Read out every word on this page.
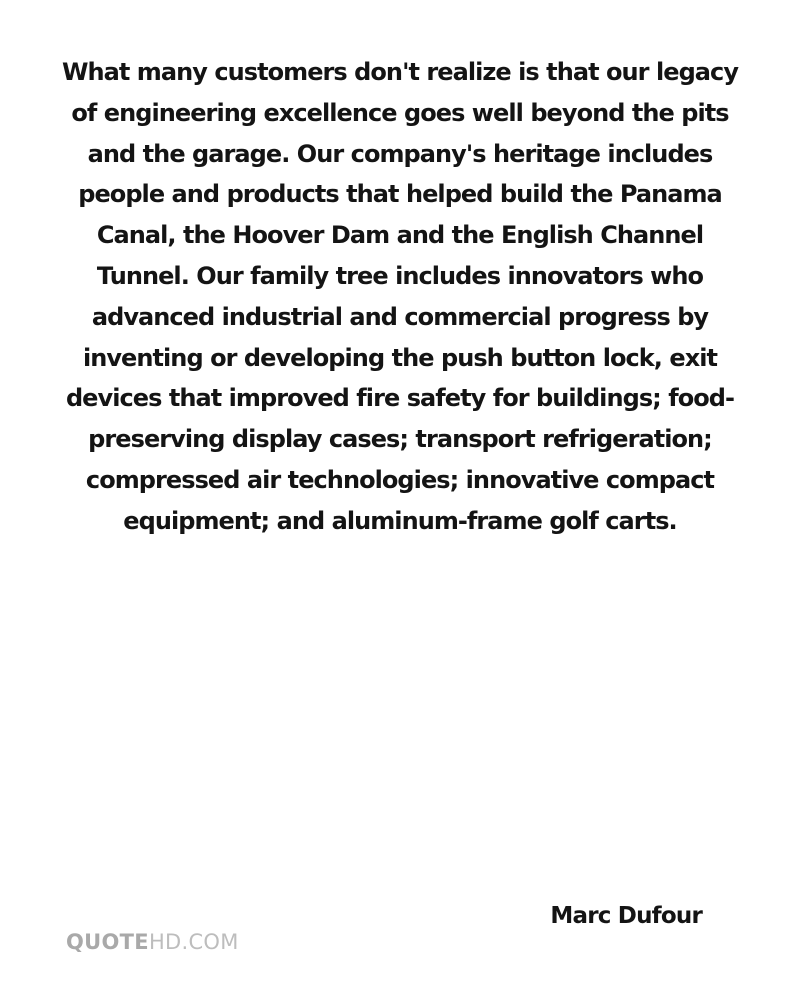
What many customers don't realize is that our legacy
of engineering excellence goes well beyond the pits
and the garage. Our company's heritage includes
people and products that helped build the Panama
Canal, the Hoover Dam and the English Channel
Tunnel. Our family tree includes innovators who
advanced industrial and commercial progress by
inventing or developing the push button lock, exit
devices that improved fire safety for buildings; food-
preserving display cases; transport refrigeration;
compressed air technologies; innovative compact
equipment; and aluminum-frame golf carts.
Marc Dufour
QUOTEHD.COM
